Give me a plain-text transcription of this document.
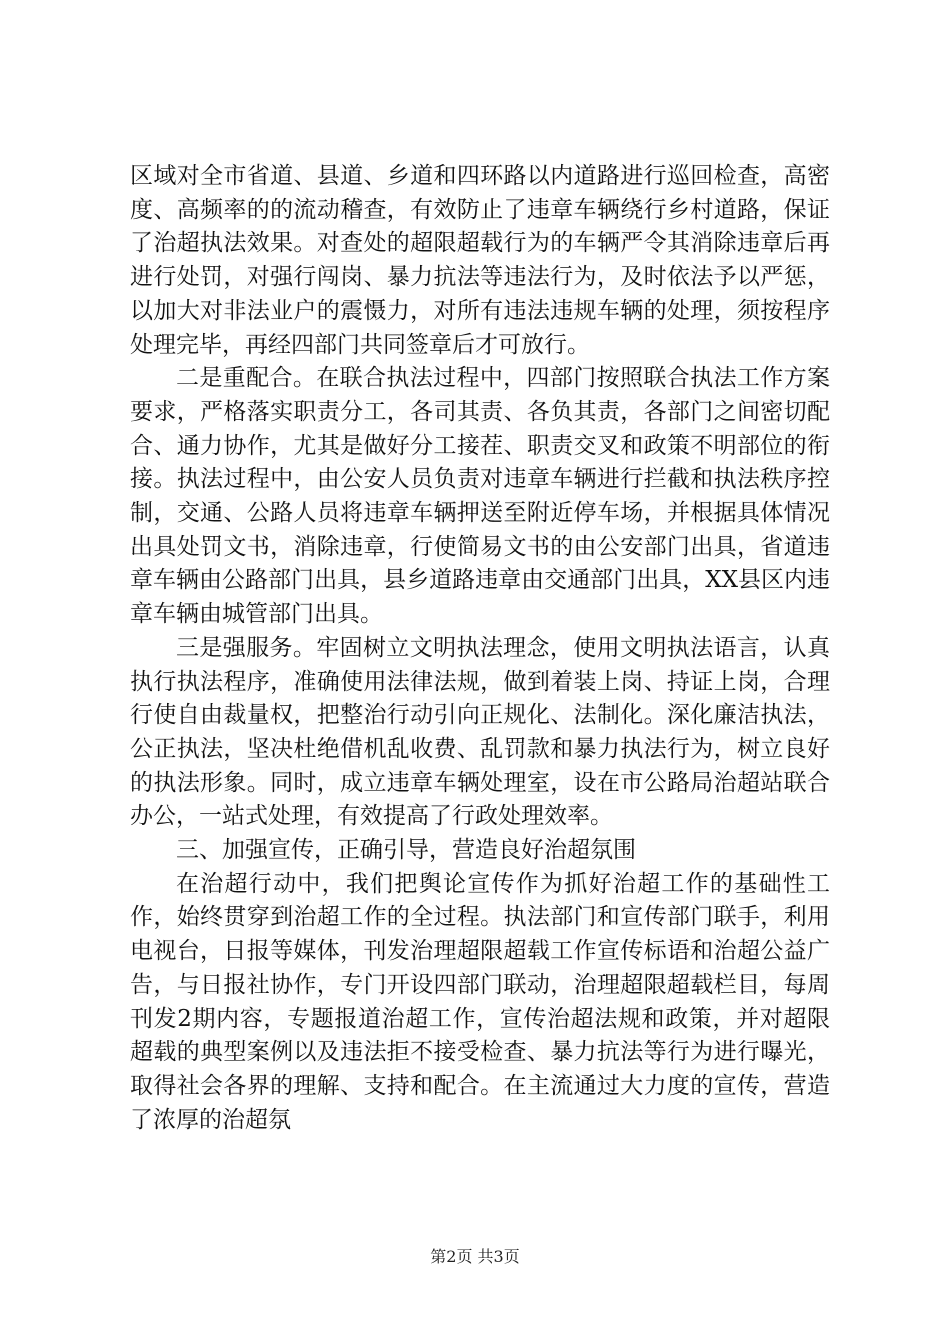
区域对全市省道、县道、乡道和四环路以内道路进行巡回检查，高密度、高频率的的流动稽查，有效防止了违章车辆绕行乡村道路，保证了治超执法效果。对查处的超限超载行为的车辆严令其消除违章后再进行处罚，对强行闯岗、暴力抗法等违法行为，及时依法予以严惩，以加大对非法业户的震慑力，对所有违法违规车辆的处理，须按程序处理完毕，再经四部门共同签章后才可放行。

二是重配合。在联合执法过程中，四部门按照联合执法工作方案要求，严格落实职责分工，各司其责、各负其责，各部门之间密切配合、通力协作，尤其是做好分工接茬、职责交叉和政策不明部位的衔接。执法过程中，由公安人员负责对违章车辆进行拦截和执法秩序控制，交通、公路人员将违章车辆押送至附近停车场，并根据具体情况出具处罚文书，消除违章，行使简易文书的由公安部门出具，省道违章车辆由公路部门出具，县乡道路违章由交通部门出具，XX县区内违章车辆由城管部门出具。

三是强服务。牢固树立文明执法理念，使用文明执法语言，认真执行执法程序，准确使用法律法规，做到着装上岗、持证上岗，合理行使自由裁量权，把整治行动引向正规化、法制化。深化廉洁执法，公正执法，坚决杜绝借机乱收费、乱罚款和暴力执法行为，树立良好的执法形象。同时，成立违章车辆处理室，设在市公路局治超站联合办公，一站式处理，有效提高了行政处理效率。

三、加强宣传，正确引导，营造良好治超氛围

在治超行动中，我们把舆论宣传作为抓好治超工作的基础性工作，始终贯穿到治超工作的全过程。执法部门和宣传部门联手，利用电视台，日报等媒体，刊发治理超限超载工作宣传标语和治超公益广告，与日报社协作，专门开设四部门联动，治理超限超载栏目，每周刊发2期内容，专题报道治超工作，宣传治超法规和政策，并对超限超载的典型案例以及违法拒不接受检查、暴力抗法等行为进行曝光，取得社会各界的理解、支持和配合。在主流通过大力度的宣传，营造了浓厚的治超氛

第2页 共3页
